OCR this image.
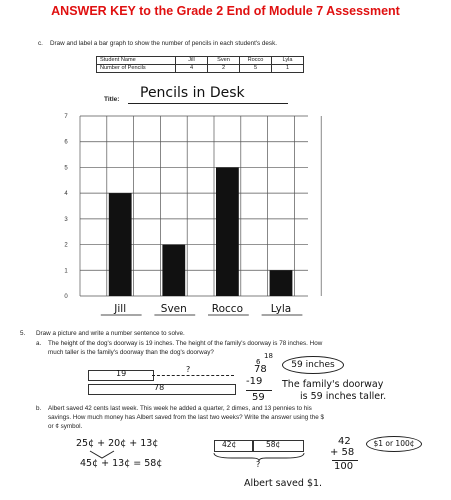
ANSWER KEY to the Grade 2 End of Module 7 Assessment
c. Draw and label a bar graph to show the number of pencils in each student's desk.
Student Name	Jill	Sven	Rocco	Lyla
Number of Pencils	4	2	5	1
Title: Pencils in Desk
0
1
2
3
4
5
6
7
Jill	Sven Rocco	Lyla
5. Draw a picture and write a number sentence to solve.
a. The height of the dog's doorway is 19 inches. The height of the family's doorway is 78 inches. How
much taller is the family's doorway than the dog's doorway?
19	?
78
6
18
78
-19
59
59 inches
The family's doorway
is 59 inches taller.
b. Albert saved 42 cents last week. This week he added a quarter, 2 dimes, and 13 pennies to his
savings. How much money has Albert saved from the last two weeks? Write the answer using the $
or ¢ symbol.
25¢ + 20¢ + 13¢
45¢ + 13¢ = 58¢
42¢	58¢
?
42
+ 58
100
$1 or 100¢
Albert saved $1.
